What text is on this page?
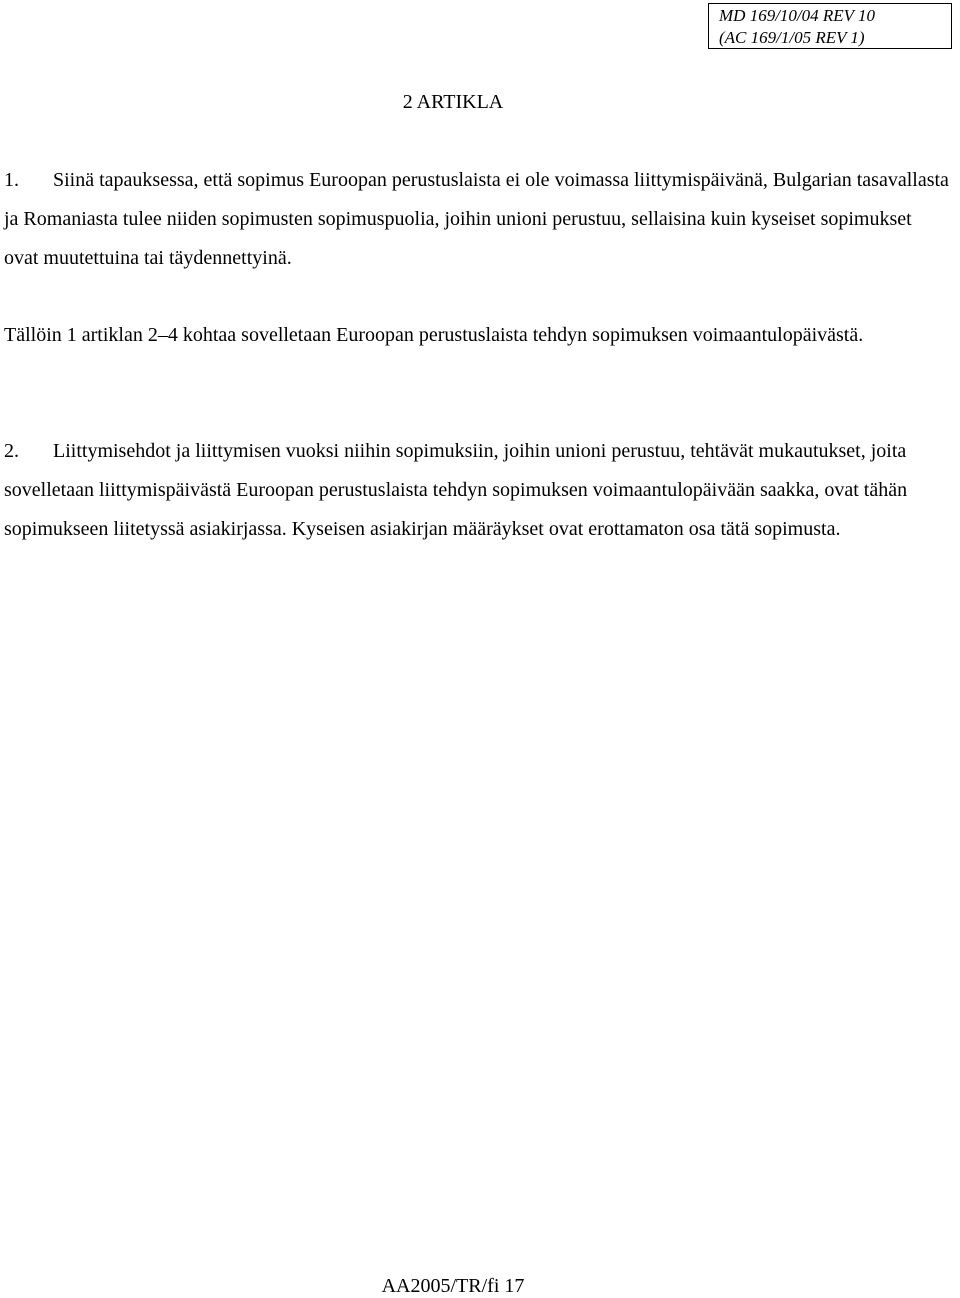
MD 169/10/04 REV 10
(AC 169/1/05 REV 1)
2 ARTIKLA

1. Siinä tapauksessa, että sopimus Euroopan perustuslaista ei ole voimassa liittymispäivänä, Bulgarian tasavallasta ja Romaniasta tulee niiden sopimusten sopimuspuolia, joihin unioni perustuu, sellaisina kuin kyseiset sopimukset ovat muutettuina tai täydennettyinä.

Tällöin 1 artiklan 2–4 kohtaa sovelletaan Euroopan perustuslaista tehdyn sopimuksen voimaantulopäivästä.

2. Liittymisehdot ja liittymisen vuoksi niihin sopimuksiin, joihin unioni perustuu, tehtävät mukautukset, joita sovelletaan liittymispäivästä Euroopan perustuslaista tehdyn sopimuksen voimaantulopäivään saakka, ovat tähän sopimukseen liitetyssä asiakirjassa. Kyseisen asiakirjan määräykset ovat erottamaton osa tätä sopimusta.

AA2005/TR/fi 17
